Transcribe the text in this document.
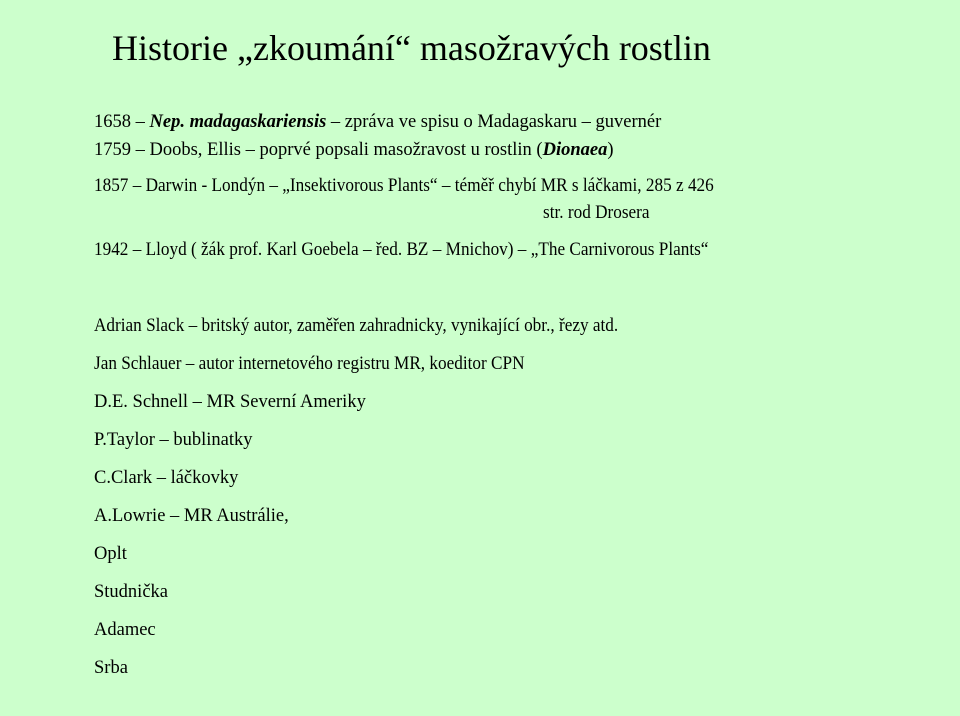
Historie „zkoumání“ masožravých rostlin
1658 – Nep. madagaskariensis – zpráva ve spisu o Madagaskaru – guvernér
1759 – Doobs, Ellis – poprvé popsali masožravost u rostlin (Dionaea)
1857 – Darwin - Londýn – „Insektivorous Plants“ – téměř chybí MR s láčkami, 285 z 426
str. rod Drosera
1942 – Lloyd ( žák prof. Karl Goebela – řed. BZ – Mnichov) – „The Carnivorous Plants“
Adrian Slack – britský autor, zaměřen zahradnicky, vynikající obr., řezy atd.
Jan Schlauer – autor internetového registru MR, koeditor CPN
D.E. Schnell – MR Severní Ameriky
P.Taylor – bublinatky
C.Clark – láčkovky
A.Lowrie – MR Austrálie,
Oplt
Studnička
Adamec
Srba
